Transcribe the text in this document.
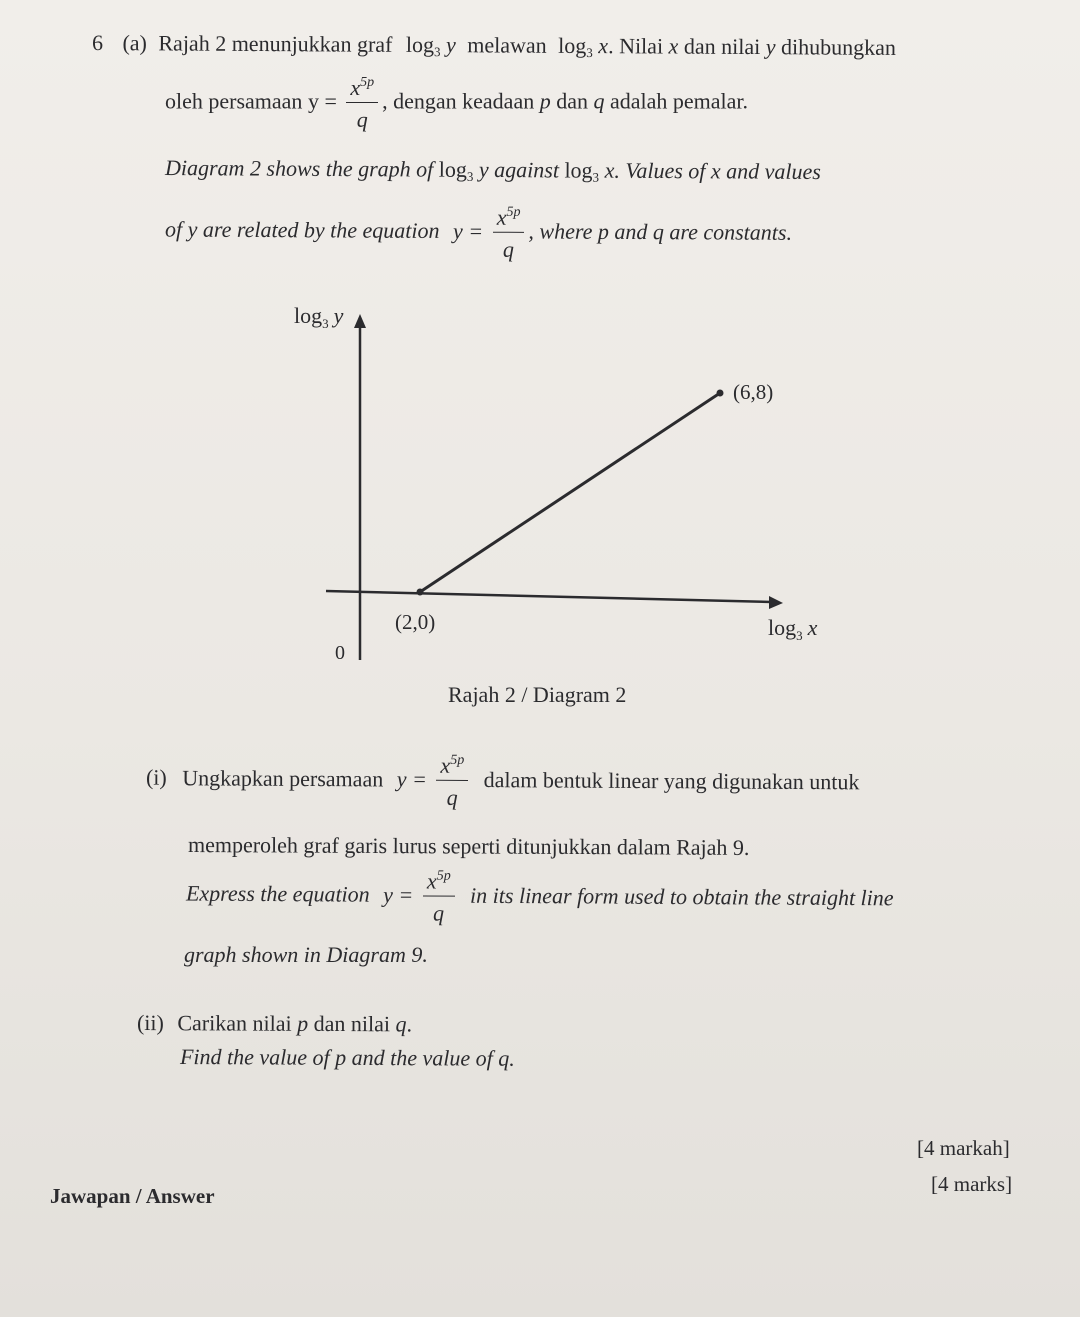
6 (a) Rajah 2 menunjukkan graf $\log_3 y$ melawan $\log_3 x$. Nilai x dan nilai y dihubungkan
oleh persamaan $y = \frac{x^{5p}}{q}$ , dengan keadaan p dan q adalah pemalar.
Diagram 2 shows the graph of $\log_3 y$ against $\log_3 x$. Values of x and values
of y are related by the equation $y = \frac{x^{5p}}{q}$ , where p and q are constants.
$\log_3 y$
$\log_3 x$
0
(2,0)
(6,8)
Rajah 2 / Diagram 2
(i) Ungkapkan persamaan $y = \frac{x^{5p}}{q}$ dalam bentuk linear yang digunakan untuk
memperoleh graf garis lurus seperti ditunjukkan dalam Rajah 9.
Express the equation $y = \frac{x^{5p}}{q}$ in its linear form used to obtain the straight line
graph shown in Diagram 9.
(ii) Carikan nilai p dan nilai q.
Find the value of p and the value of q.
[4 markah]
[4 marks]
Jawapan / Answer
